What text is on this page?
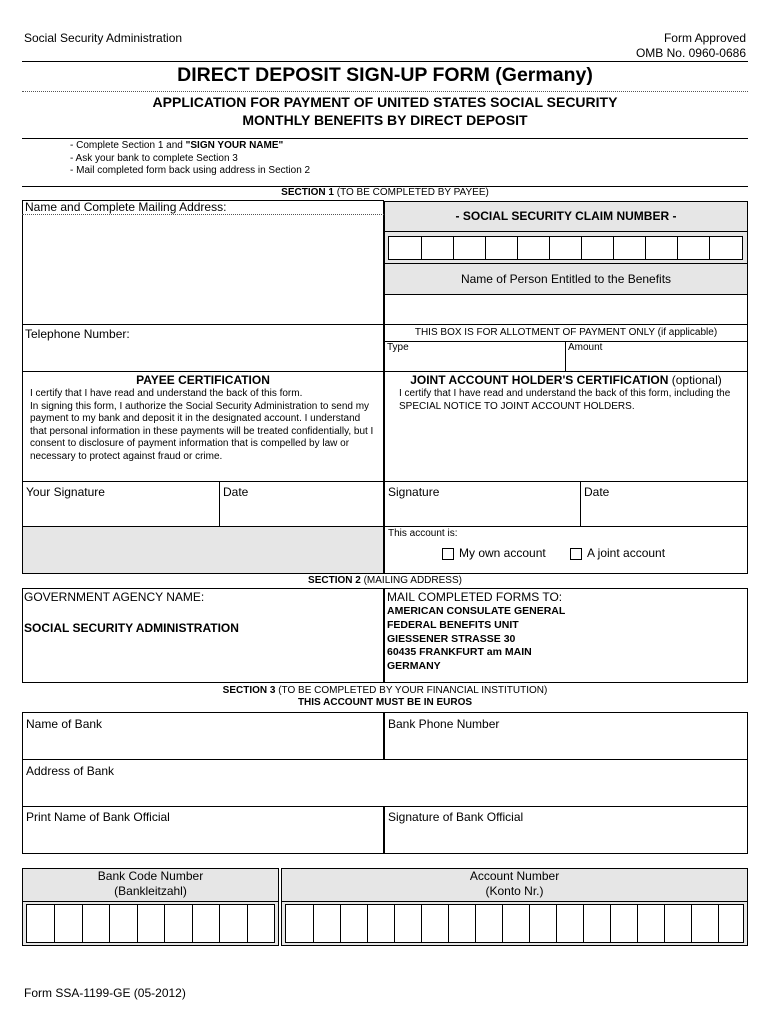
Social Security Administration	Form Approved
OMB No. 0960-0686
DIRECT DEPOSIT SIGN-UP FORM (Germany)
APPLICATION FOR PAYMENT OF UNITED STATES SOCIAL SECURITY
MONTHLY BENEFITS BY DIRECT DEPOSIT
- Complete Section 1 and "SIGN YOUR NAME"
- Ask your bank to complete Section 3
- Mail completed form back using address in Section 2
SECTION 1 (TO BE COMPLETED BY PAYEE)
Name and Complete Mailing Address:
- SOCIAL SECURITY CLAIM NUMBER -
Name of Person Entitled to the Benefits
Telephone Number:	THIS BOX IS FOR ALLOTMENT OF PAYMENT ONLY (if applicable)
Type	Amount
PAYEE CERTIFICATION
I certify that I have read and understand the back of this form.
In signing this form, I authorize the Social Security Administration to send my
payment to my bank and deposit it in the designated account. I understand
that personal information in these payments will be treated confidentially, but I
consent to disclosure of payment information that is compelled by law or
necessary to protect against fraud or crime.
JOINT ACCOUNT HOLDER'S CERTIFICATION (optional)
I certify that I have read and understand the back of this form, including the
SPECIAL NOTICE TO JOINT ACCOUNT HOLDERS.
Your Signature	Date	Signature	Date
This account is:
My own account	A joint account
SECTION 2 (MAILING ADDRESS)
GOVERNMENT AGENCY NAME:
SOCIAL SECURITY ADMINISTRATION
MAIL COMPLETED FORMS TO:
AMERICAN CONSULATE GENERAL
FEDERAL BENEFITS UNIT
GIESSENER STRASSE 30
60435 FRANKFURT am MAIN
GERMANY
SECTION 3 (TO BE COMPLETED BY YOUR FINANCIAL INSTITUTION)
THIS ACCOUNT MUST BE IN EUROS
Name of Bank	Bank Phone Number
Address of Bank
Print Name of Bank Official	Signature of Bank Official
Bank Code Number
(Bankleitzahl)
Account Number
(Konto Nr.)
Form SSA-1199-GE (05-2012)
